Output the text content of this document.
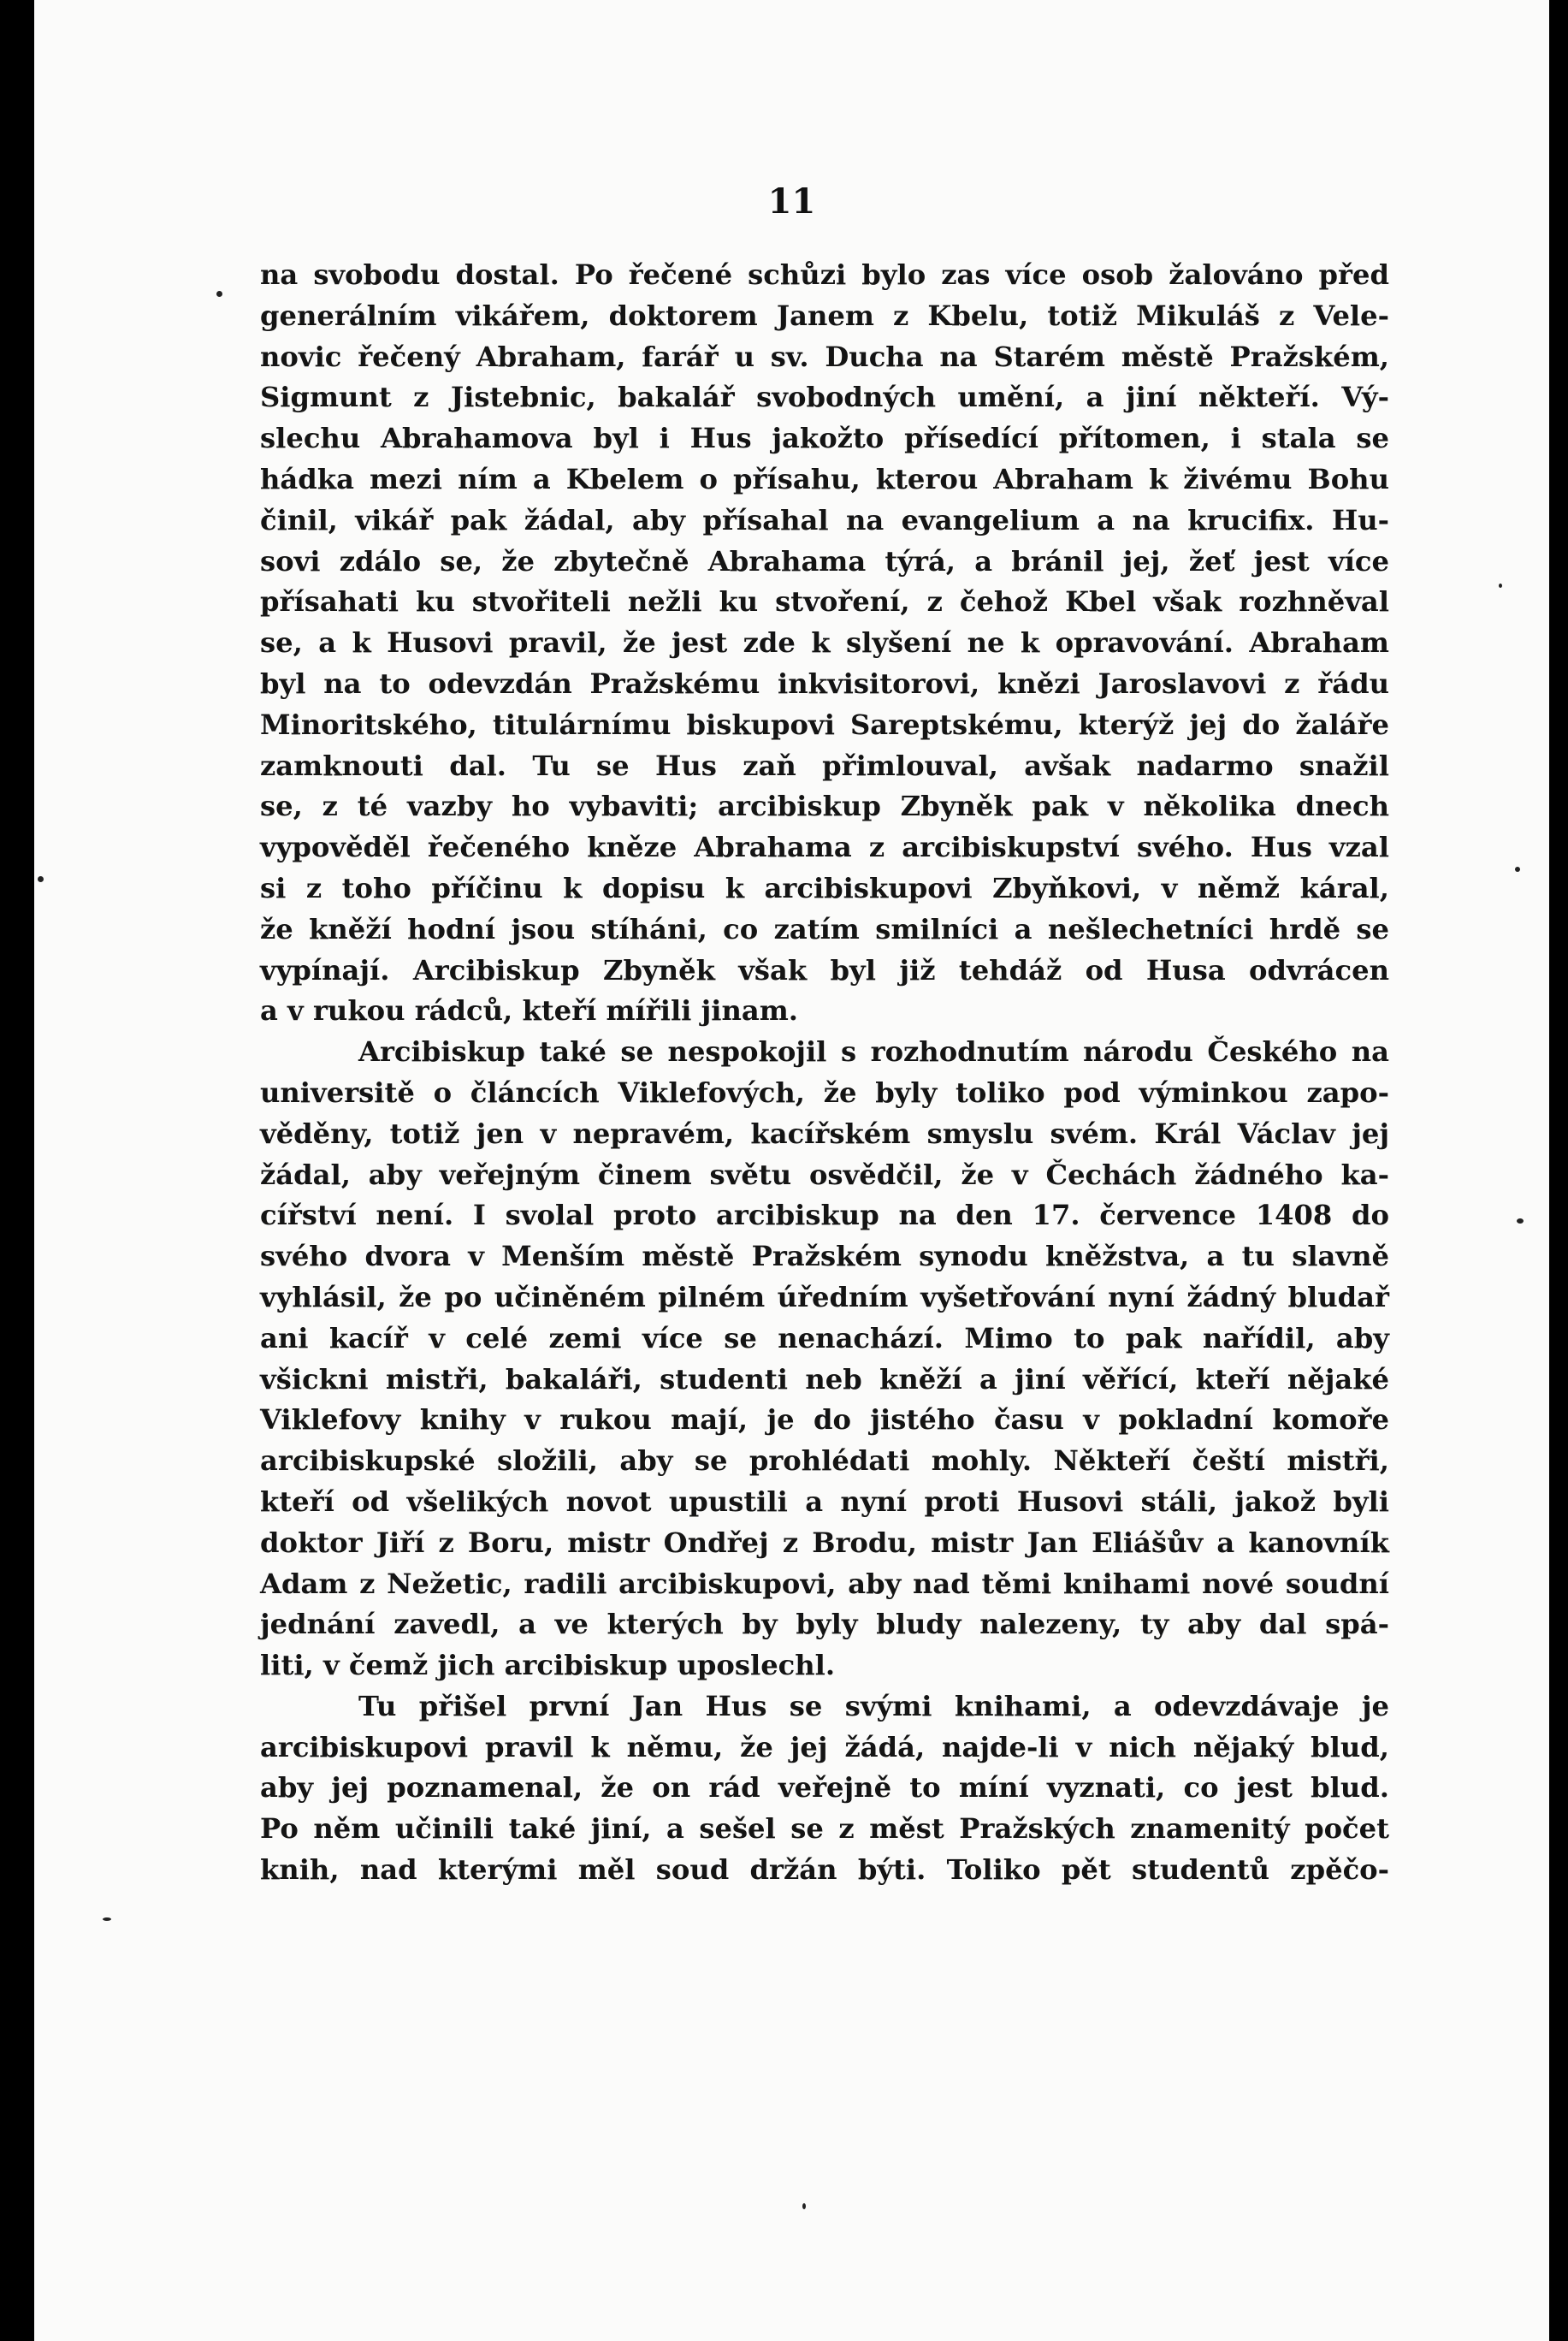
11
na svobodu dostal. Po řečené schůzi bylo zas více osob žalováno před
generálním vikářem, doktorem Janem z Kbelu, totiž Mikuláš z Vele-
novic řečený Abraham, farář u sv. Ducha na Starém městě Pražském,
Sigmunt z Jistebnic, bakalář svobodných umění, a jiní někteří. Vý-
slechu Abrahamova byl i Hus jakožto přísedící přítomen, i stala se
hádka mezi ním a Kbelem o přísahu, kterou Abraham k živému Bohu
činil, vikář pak žádal, aby přísahal na evangelium a na krucifix. Hu-
sovi zdálo se, že zbytečně Abrahama týrá, a bránil jej, žeť jest více
přísahati ku stvořiteli nežli ku stvoření, z čehož Kbel však rozhněval
se, a k Husovi pravil, že jest zde k slyšení ne k opravování. Abraham
byl na to odevzdán Pražskému inkvisitorovi, knězi Jaroslavovi z řádu
Minoritského, titulárnímu biskupovi Sareptskému, kterýž jej do žaláře
zamknouti dal. Tu se Hus zaň přimlouval, avšak nadarmo snažil
se, z té vazby ho vybaviti; arcibiskup Zbyněk pak v několika dnech
vypověděl řečeného kněze Abrahama z arcibiskupství svého. Hus vzal
si z toho příčinu k dopisu k arcibiskupovi Zbyňkovi, v němž káral,
že kněží hodní jsou stíháni, co zatím smilníci a nešlechetníci hrdě se
vypínají. Arcibiskup Zbyněk však byl již tehdáž od Husa odvrácen
a v rukou rádců, kteří mířili jinam.
Arcibiskup také se nespokojil s rozhodnutím národu Českého na
universitě o článcích Viklefových, že byly toliko pod výminkou zapo-
věděny, totiž jen v nepravém, kacířském smyslu svém. Král Václav jej
žádal, aby veřejným činem světu osvědčil, že v Čechách žádného ka-
cířství není. I svolal proto arcibiskup na den 17. července 1408 do
svého dvora v Menším městě Pražském synodu kněžstva, a tu slavně
vyhlásil, že po učiněném pilném úředním vyšetřování nyní žádný bludař
ani kacíř v celé zemi více se nenachází. Mimo to pak nařídil, aby
všickni mistři, bakaláři, studenti neb kněží a jiní věřící, kteří nějaké
Viklefovy knihy v rukou mají, je do jistého času v pokladní komoře
arcibiskupské složili, aby se prohlédati mohly. Někteří čeští mistři,
kteří od všelikých novot upustili a nyní proti Husovi stáli, jakož byli
doktor Jiří z Boru, mistr Ondřej z Brodu, mistr Jan Eliášův a kanovník
Adam z Nežetic, radili arcibiskupovi, aby nad těmi knihami nové soudní
jednání zavedl, a ve kterých by byly bludy nalezeny, ty aby dal spá-
liti, v čemž jich arcibiskup uposlechl.
Tu přišel první Jan Hus se svými knihami, a odevzdávaje je
arcibiskupovi pravil k němu, že jej žádá, najde-li v nich nějaký blud,
aby jej poznamenal, že on rád veřejně to míní vyznati, co jest blud.
Po něm učinili také jiní, a sešel se z měst Pražských znamenitý počet
knih, nad kterými měl soud držán býti. Toliko pět studentů zpěčo-
